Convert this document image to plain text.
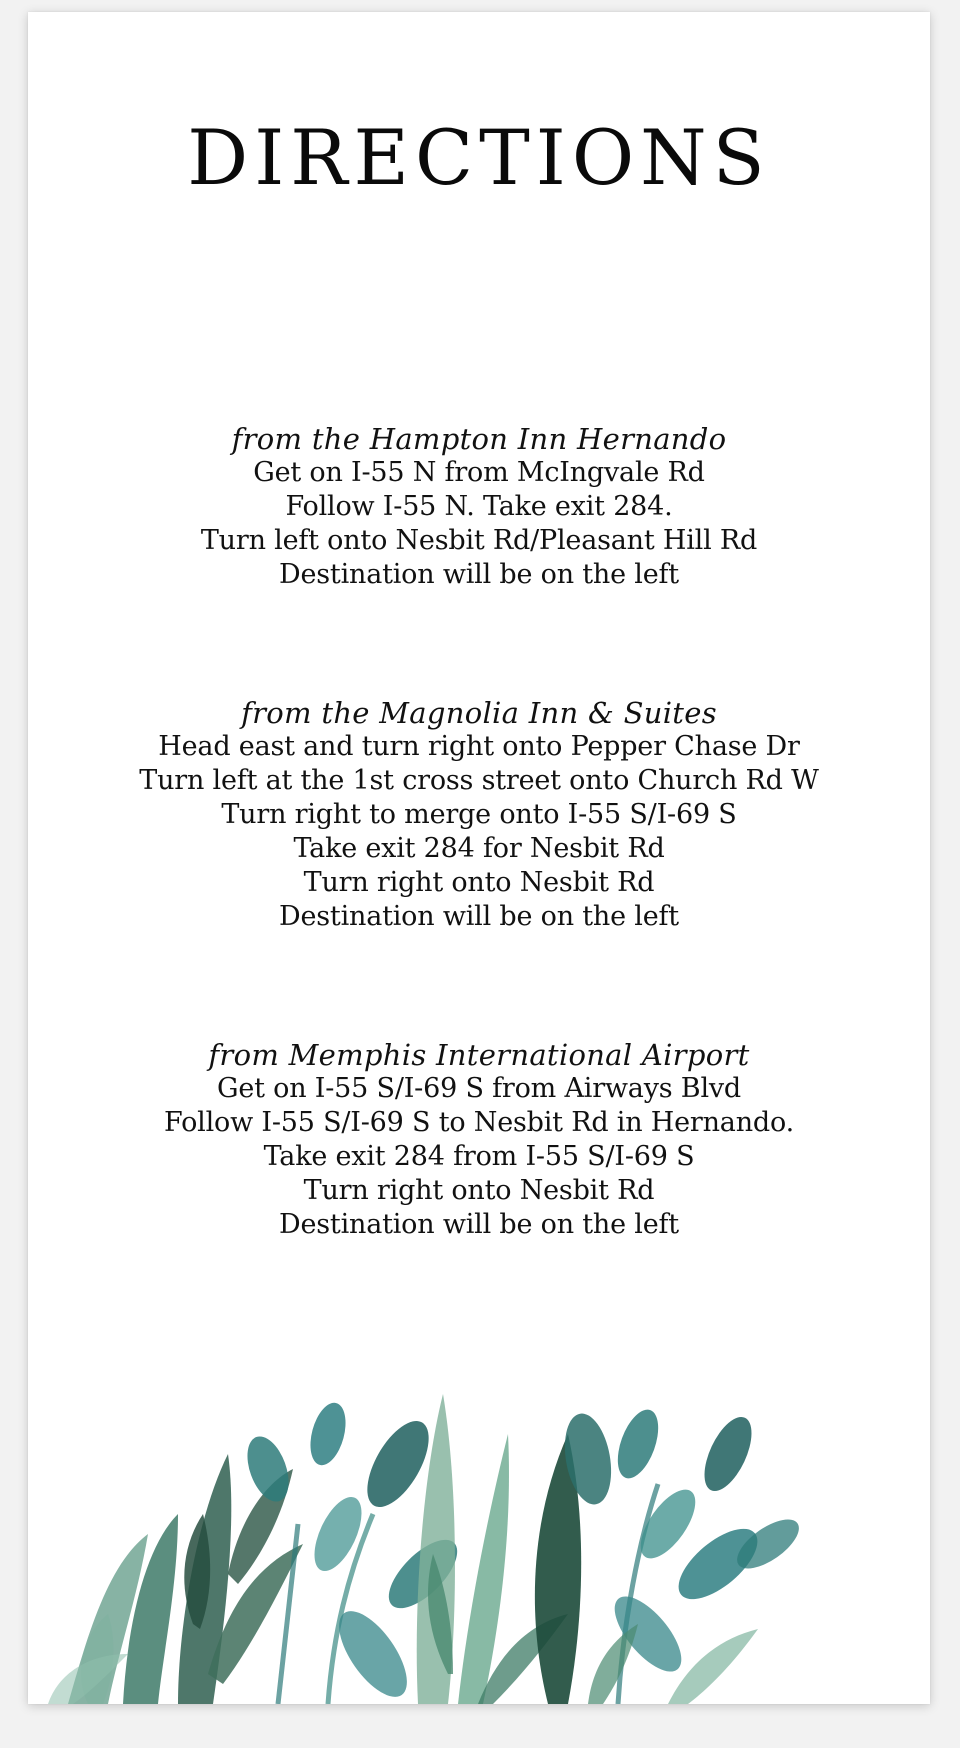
DIRECTIONS

from the Hampton Inn Hernando

Get on I-55 N from McIngvale Rd

Follow I-55 N. Take exit 284.

Turn left onto Nesbit Rd/Pleasant Hill Rd

Destination will be on the left

from the Magnolia Inn & Suites

Head east and turn right onto Pepper Chase Dr

Turn left at the 1st cross street onto Church Rd W

Turn right to merge onto I-55 S/I-69 S

Take exit 284 for Nesbit Rd

Turn right onto Nesbit Rd

Destination will be on the left

from Memphis International Airport

Get on I-55 S/I-69 S from Airways Blvd

Follow I-55 S/I-69 S to Nesbit Rd in Hernando.

Take exit 284 from I-55 S/I-69 S

Turn right onto Nesbit Rd

Destination will be on the left
